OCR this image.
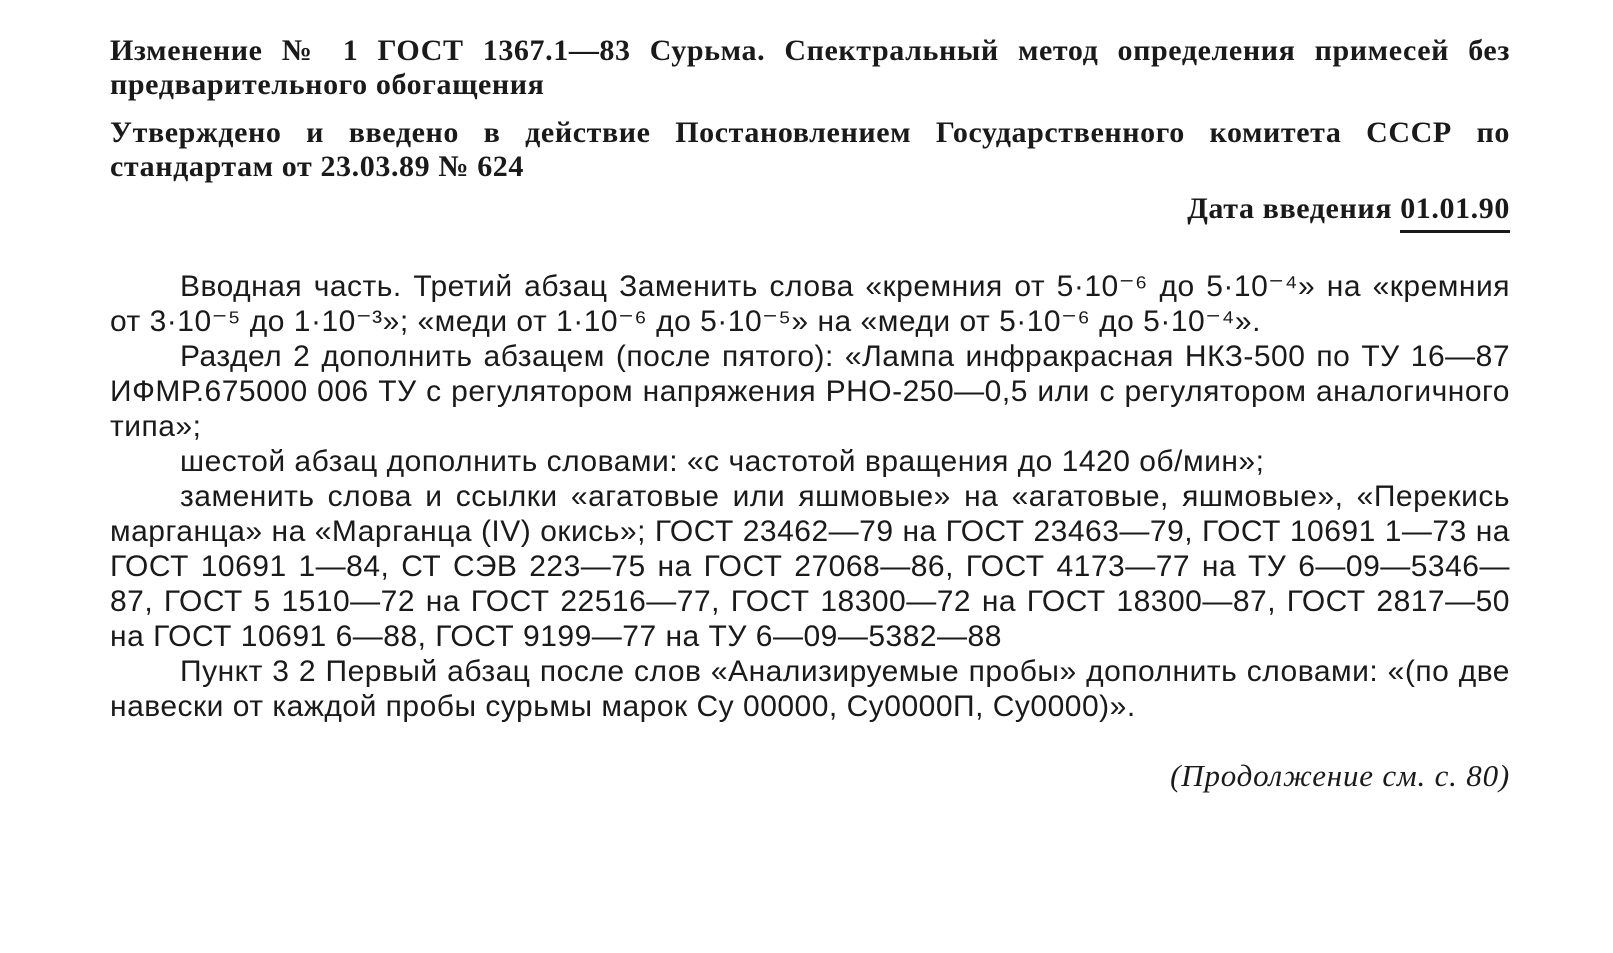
Изменение № 1 ГОСТ 1367.1—83 Сурьма. Спектральный метод определения примесей без предварительного обогащения

Утверждено и введено в действие Постановлением Государственного комитета СССР по стандартам от 23.03.89 № 624

Дата введения 01.01.90

Вводная часть. Третий абзац Заменить слова «кремния от 5·10⁻⁶ до 5·10⁻⁴» на «кремния от 3·10⁻⁵ до 1·10⁻³»; «меди от 1·10⁻⁶ до 5·10⁻⁵» на «меди от 5·10⁻⁶ до 5·10⁻⁴».

Раздел 2 дополнить абзацем (после пятого): «Лампа инфракрасная НКЗ-500 по ТУ 16—87 ИФМР.675000 006 ТУ с регулятором напряжения РНО-250—0,5 или с регулятором аналогичного типа»;

шестой абзац дополнить словами: «с частотой вращения до 1420 об/мин»;

заменить слова и ссылки «агатовые или яшмовые» на «агатовые, яшмовые», «Перекись марганца» на «Марганца (IV) окись»; ГОСТ 23462—79 на ГОСТ 23463—79, ГОСТ 10691 1—73 на ГОСТ 10691 1—84, СТ СЭВ 223—75 на ГОСТ 27068—86, ГОСТ 4173—77 на ТУ 6—09—5346—87, ГОСТ 5 1510—72 на ГОСТ 22516—77, ГОСТ 18300—72 на ГОСТ 18300—87, ГОСТ 2817—50 на ГОСТ 10691 6—88, ГОСТ 9199—77 на ТУ 6—09—5382—88

Пункт 3 2 Первый абзац после слов «Анализируемые пробы» дополнить словами: «(по две навески от каждой пробы сурьмы марок Су 00000, Су0000П, Су0000)».

(Продолжение см. с. 80)
